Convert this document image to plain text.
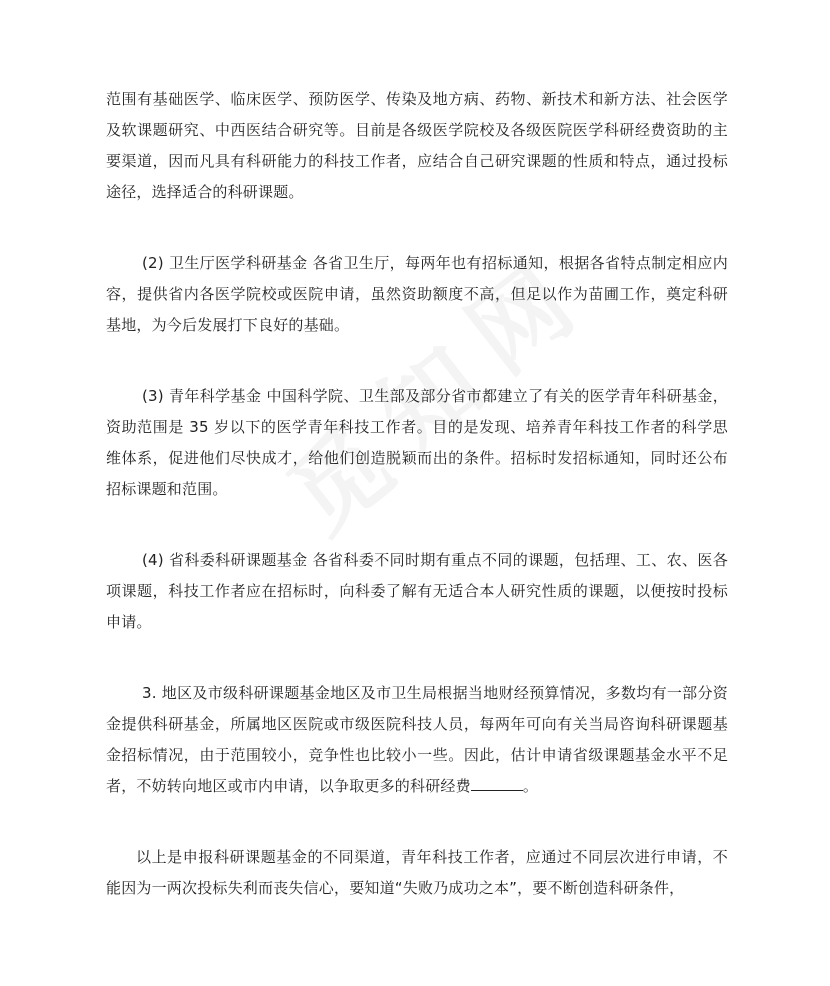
觅
知
网

范围有基础医学、临床医学、预防医学、传染及地方病、药物、新技术和新方法、社会医学及软课题研究、中西医结合研究等。目前是各级医学院校及各级医院医学科研经费资助的主要渠道，因而凡具有科研能力的科技工作者，应结合自己研究课题的性质和特点，通过投标途径，选择适合的科研课题。

(2) 卫生厅医学科研基金 各省卫生厅，每两年也有招标通知，根据各省特点制定相应内容，提供省内各医学院校或医院申请，虽然资助额度不高，但足以作为苗圃工作，奠定科研基地，为今后发展打下良好的基础。

(3) 青年科学基金 中国科学院、卫生部及部分省市都建立了有关的医学青年科研基金，资助范围是 35 岁以下的医学青年科技工作者。目的是发现、培养青年科技工作者的科学思维体系，促进他们尽快成才，给他们创造脱颖而出的条件。招标时发招标通知，同时还公布招标课题和范围。

(4) 省科委科研课题基金 各省科委不同时期有重点不同的课题，包括理、工、农、医各项课题，科技工作者应在招标时，向科委了解有无适合本人研究性质的课题，以便按时投标申请。

3. 地区及市级科研课题基金地区及市卫生局根据当地财经预算情况，多数均有一部分资金提供科研基金，所属地区医院或市级医院科技人员，每两年可向有关当局咨询科研课题基金招标情况，由于范围较小，竞争性也比较小一些。因此，估计申请省级课题基金水平不足者，不妨转向地区或市内申请，以争取更多的科研经费	。

以上是申报科研课题基金的不同渠道，青年科技工作者，应通过不同层次进行申请，不能因为一两次投标失利而丧失信心，要知道“失败乃成功之本”，要不断创造科研条件，
